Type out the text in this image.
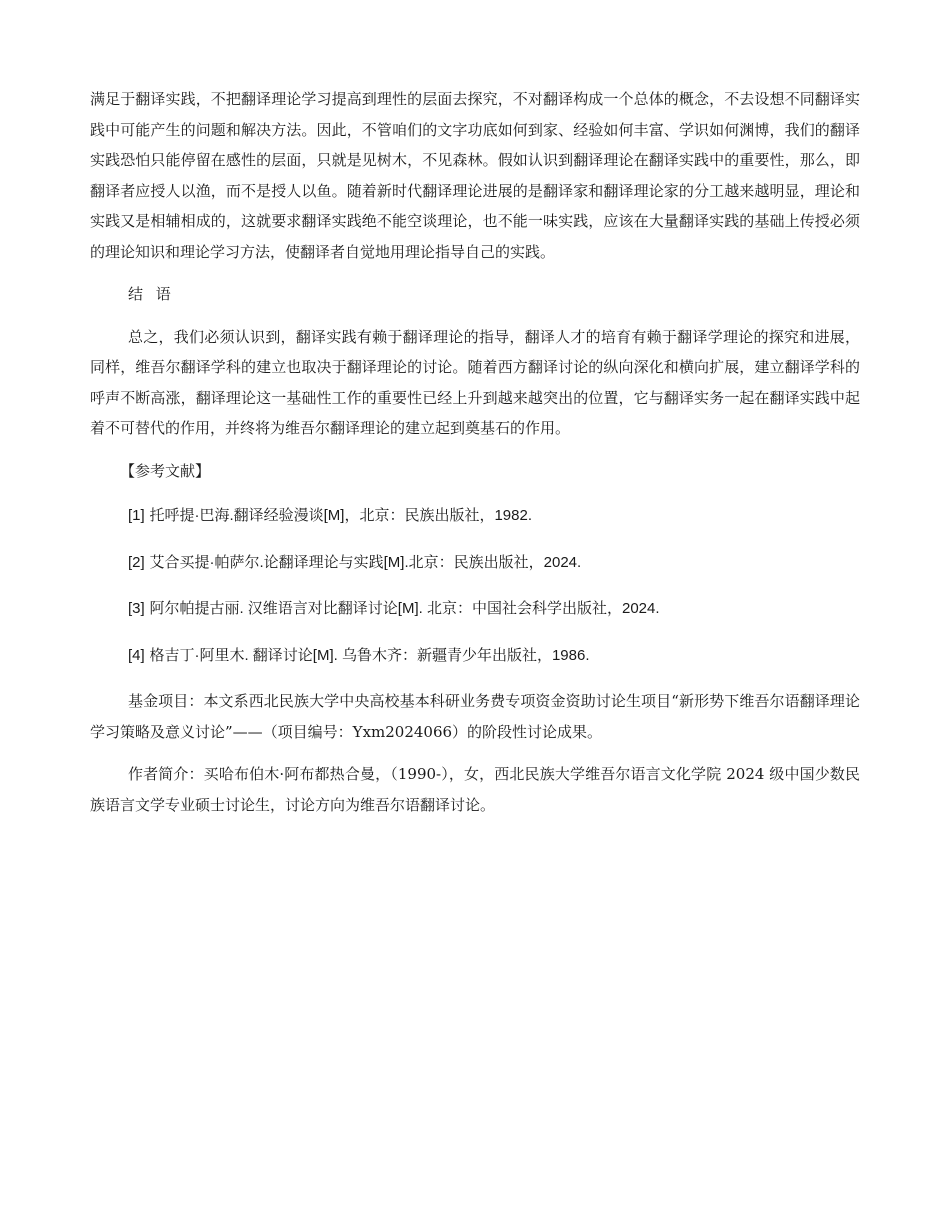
满足于翻译实践，不把翻译理论学习提高到理性的层面去探究，不对翻译构成一个总体的概念，不去设想不同翻译实践中可能产生的问题和解决方法。因此，不管咱们的文字功底如何到家、经验如何丰富、学识如何渊博，我们的翻译实践恐怕只能停留在感性的层面，只就是见树木，不见森林。假如认识到翻译理论在翻译实践中的重要性，那么，即翻译者应授人以渔，而不是授人以鱼。随着新时代翻译理论进展的是翻译家和翻译理论家的分工越来越明显，理论和实践又是相辅相成的，这就要求翻译实践绝不能空谈理论，也不能一味实践，应该在大量翻译实践的基础上传授必须的理论知识和理论学习方法，使翻译者自觉地用理论指导自己的实践。

结 语

总之，我们必须认识到，翻译实践有赖于翻译理论的指导，翻译人才的培育有赖于翻译学理论的探究和进展，同样，维吾尔翻译学科的建立也取决于翻译理论的讨论。随着西方翻译讨论的纵向深化和横向扩展，建立翻译学科的呼声不断高涨，翻译理论这一基础性工作的重要性已经上升到越来越突出的位置，它与翻译实务一起在翻译实践中起着不可替代的作用，并终将为维吾尔翻译理论的建立起到奠基石的作用。

【参考文献】

[1] 托呼提·巴海.翻译经验漫谈[M]，北京：民族出版社，1982.
[2] 艾合买提·帕萨尔.论翻译理论与实践[M].北京：民族出版社，2024.
[3] 阿尔帕提古丽. 汉维语言对比翻译讨论[M]. 北京：中国社会科学出版社，2024.
[4] 格吉丁·阿里木. 翻译讨论[M]. 乌鲁木齐：新疆青少年出版社，1986.

基金项目：本文系西北民族大学中央高校基本科研业务费专项资金资助讨论生项目“新形势下维吾尔语翻译理论学习策略及意义讨论”——（项目编号：Yxm2024066）的阶段性讨论成果。

作者简介：买哈布伯木·阿布都热合曼，（1990-），女，西北民族大学维吾尔语言文化学院 2024 级中国少数民族语言文学专业硕士讨论生，讨论方向为维吾尔语翻译讨论。
